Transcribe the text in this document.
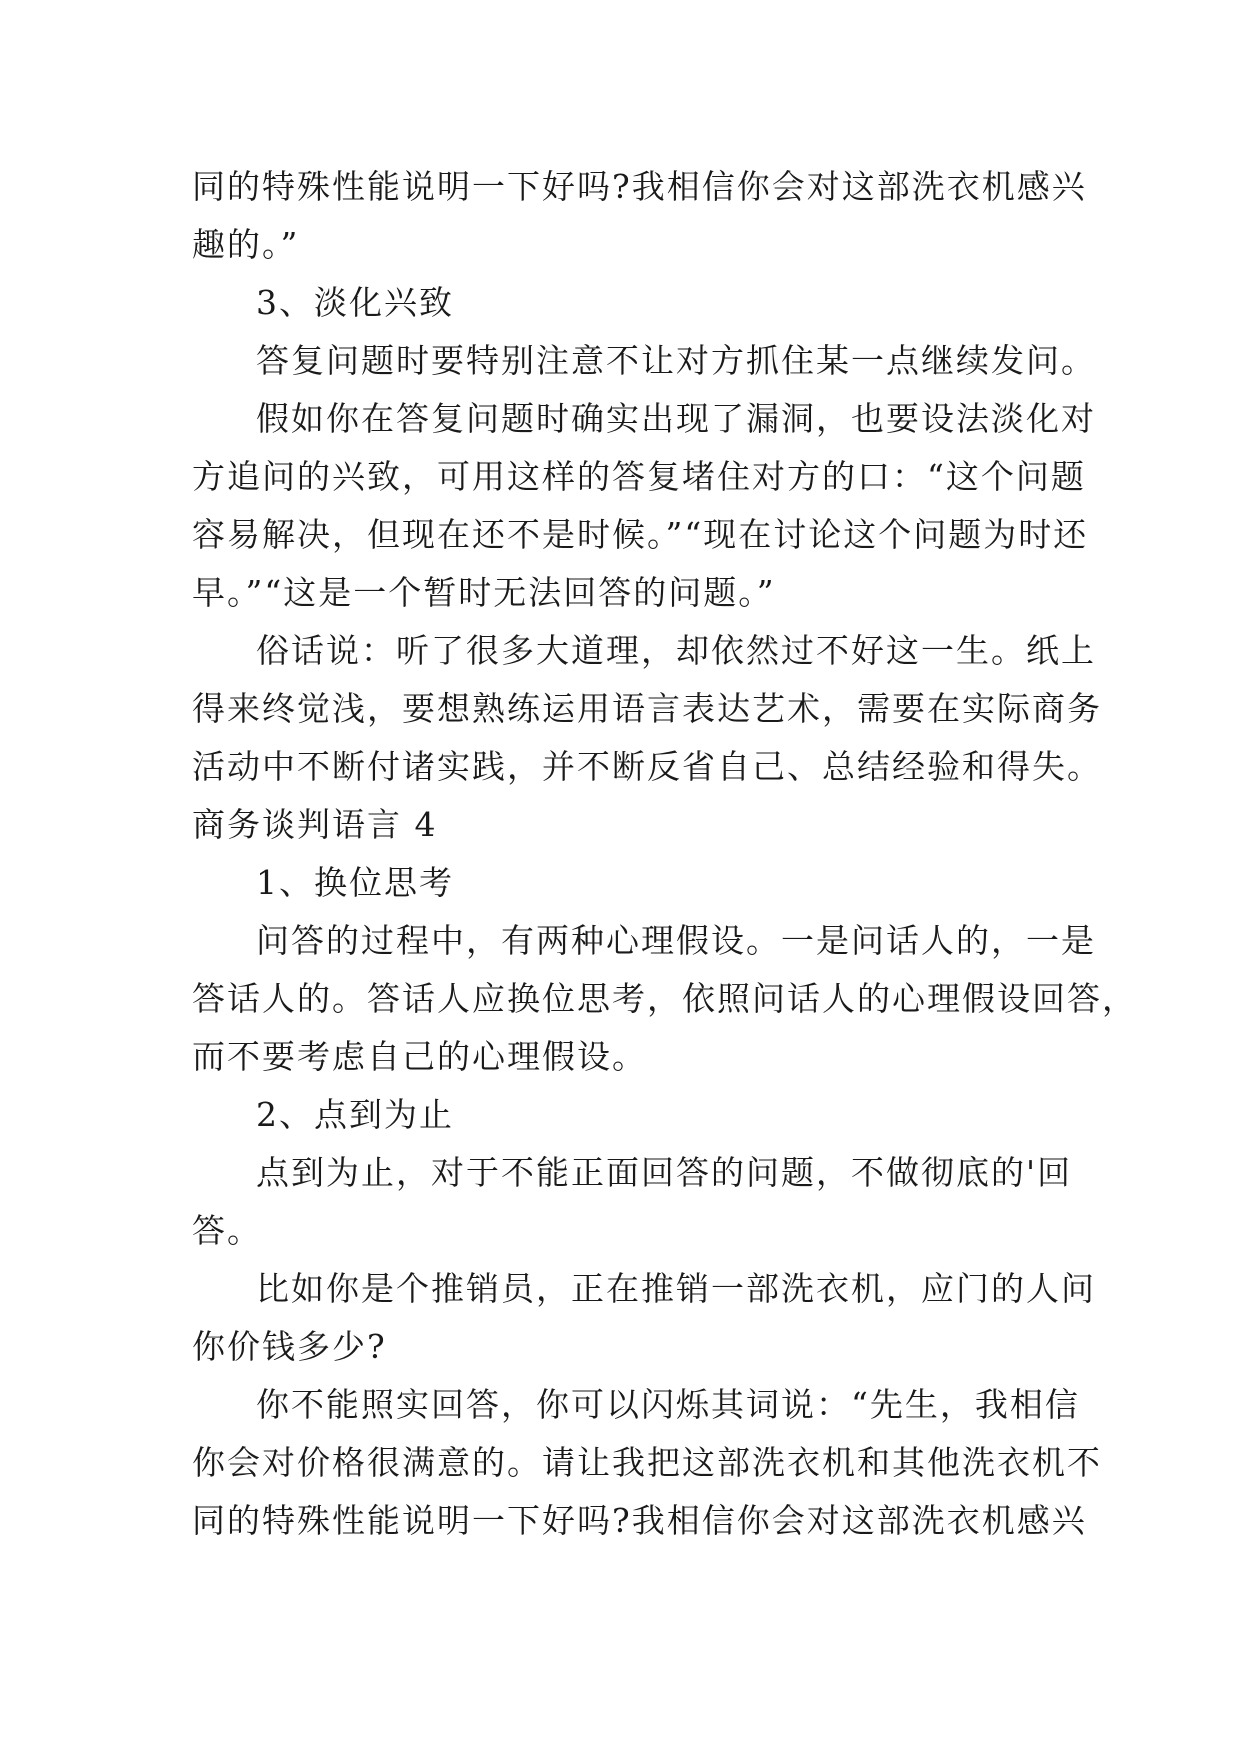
同的特殊性能说明一下好吗?我相信你会对这部洗衣机感兴
趣的。”
3、淡化兴致
答复问题时要特别注意不让对方抓住某一点继续发问。
假如你在答复问题时确实出现了漏洞，也要设法淡化对
方追问的兴致，可用这样的答复堵住对方的口：“这个问题
容易解决，但现在还不是时候。”“现在讨论这个问题为时还
早。”“这是一个暂时无法回答的问题。”
俗话说：听了很多大道理，却依然过不好这一生。纸上
得来终觉浅，要想熟练运用语言表达艺术，需要在实际商务
活动中不断付诸实践，并不断反省自己、总结经验和得失。
商务谈判语言 4
1、换位思考
问答的过程中，有两种心理假设。一是问话人的，一是
答话人的。答话人应换位思考，依照问话人的心理假设回答，
而不要考虑自己的心理假设。
2、点到为止
点到为止，对于不能正面回答的问题，不做彻底的'回
答。
比如你是个推销员，正在推销一部洗衣机，应门的人问
你价钱多少?
你不能照实回答，你可以闪烁其词说：“先生，我相信
你会对价格很满意的。请让我把这部洗衣机和其他洗衣机不
同的特殊性能说明一下好吗?我相信你会对这部洗衣机感兴
